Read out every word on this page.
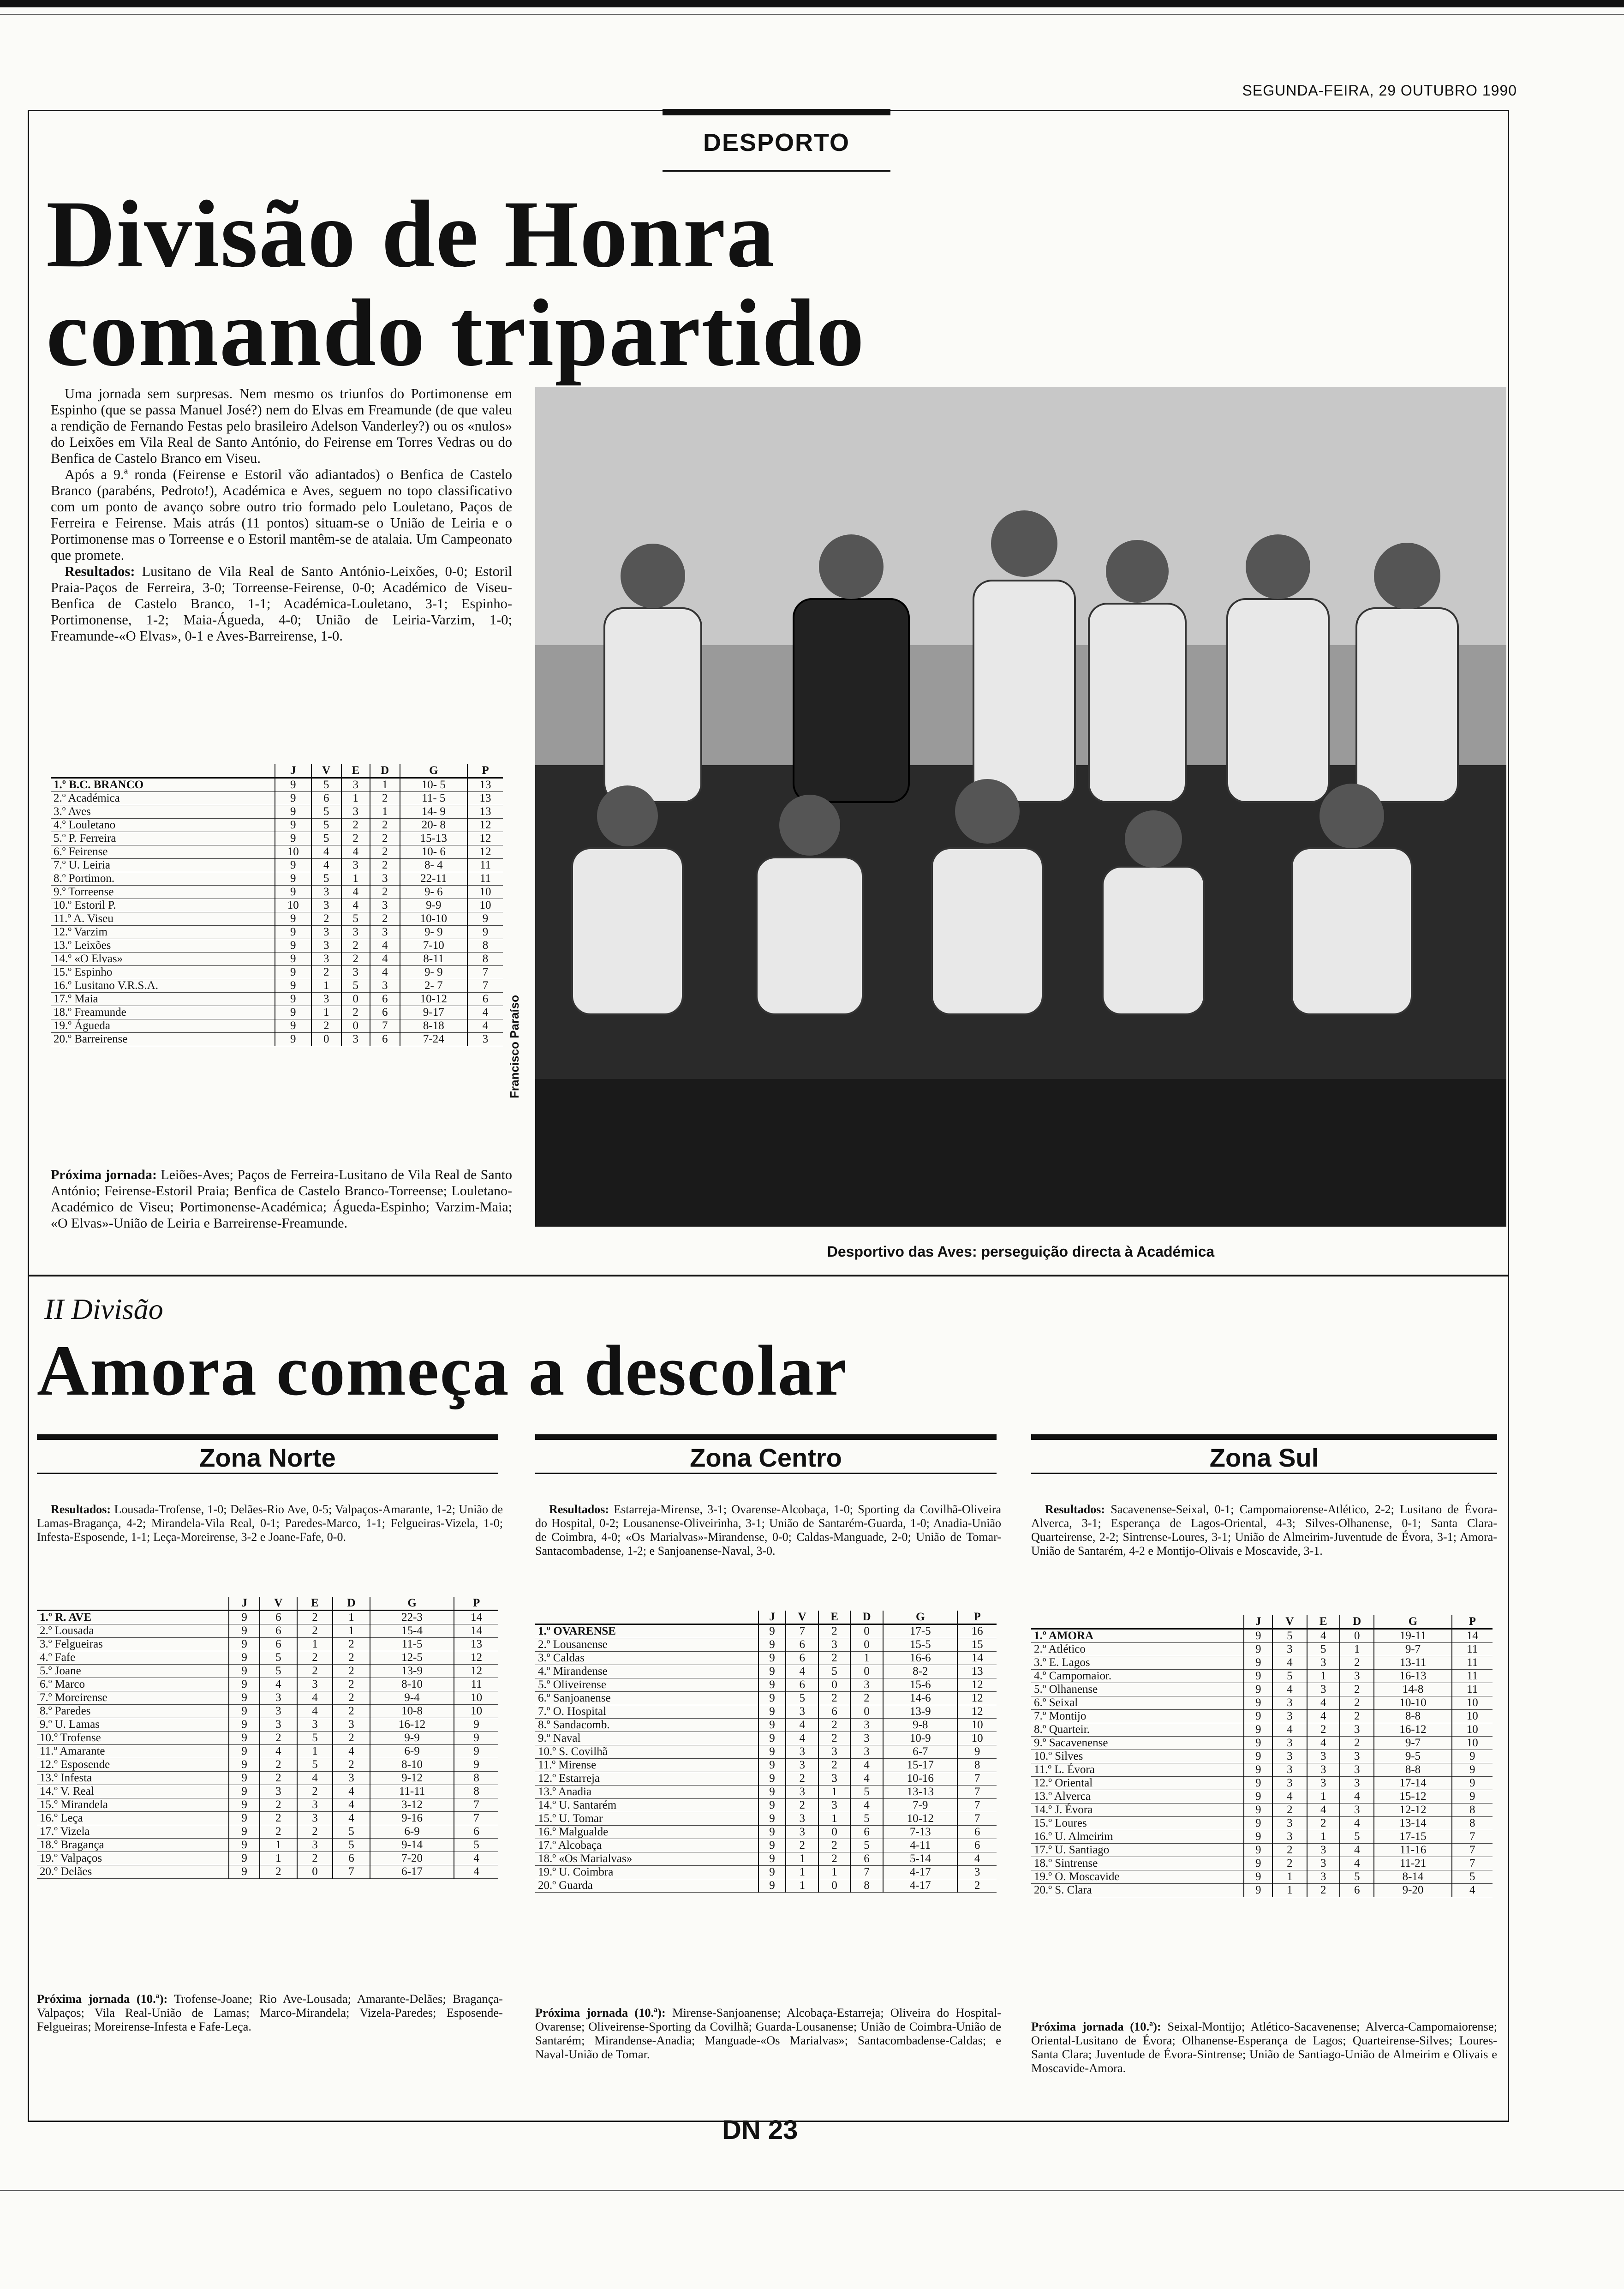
SEGUNDA-FEIRA, 29 OUTUBRO 1990
DESPORTO
Divisão de Honra
comando tripartido

Uma jornada sem surpresas. Nem mesmo os triunfos do Portimonense em Espinho (que se passa Manuel José?) nem do Elvas em Freamunde (de que valeu a rendição de Fernando Festas pelo brasileiro Adelson Vanderley?) ou os «nulos» do Leixões em Vila Real de Santo António, do Feirense em Torres Vedras ou do Benfica de Castelo Branco em Viseu.

Após a 9.ª ronda (Feirense e Estoril vão adiantados) o Benfica de Castelo Branco (parabéns, Pedroto!), Académica e Aves, seguem no topo classificativo com um ponto de avanço sobre outro trio formado pelo Louletano, Paços de Ferreira e Feirense. Mais atrás (11 pontos) situam-se o União de Leiria e o Portimonense mas o Torreense e o Estoril mantêm-se de atalaia. Um Campeonato que promete.

Resultados: Lusitano de Vila Real de Santo António-Leixões, 0-0; Estoril Praia-Paços de Ferreira, 3-0; Torreense-Feirense, 0-0; Académico de Viseu-Benfica de Castelo Branco, 1-1; Académica-Louletano, 3-1; Espinho-Portimonense, 1-2; Maia-Águeda, 4-0; União de Leiria-Varzim, 1-0; Freamunde-«O Elvas», 0-1 e Aves-Barreirense, 1-0.

	J	V	E	D	G	P
1.º B.C. BRANCO	9	5	3	1	10- 5	13
2.º Académica	9	6	1	2	11- 5	13
3.º Aves	9	5	3	1	14- 9	13
4.º Louletano	9	5	2	2	20- 8	12
5.º P. Ferreira	9	5	2	2	15-13	12
6.º Feirense	10	4	4	2	10- 6	12
7.º U. Leiria	9	4	3	2	8- 4	11
8.º Portimon.	9	5	1	3	22-11	11
9.º Torreense	9	3	4	2	9- 6	10
10.º Estoril P.	10	3	4	3	9-9	10
11.º A. Viseu	9	2	5	2	10-10	9
12.º Varzim	9	3	3	3	9- 9	9
13.º Leixões	9	3	2	4	7-10	8
14.º «O Elvas»	9	3	2	4	8-11	8
15.º Espinho	9	2	3	4	9- 9	7
16.º Lusitano V.R.S.A.	9	1	5	3	2- 7	7
17.º Maia	9	3	0	6	10-12	6
18.º Freamunde	9	1	2	6	9-17	4
19.º Águeda	9	2	0	7	8-18	4
20.º Barreirense	9	0	3	6	7-24	3
Próxima jornada: Leiões-Aves; Paços de Ferreira-Lusitano de Vila Real de Santo António; Feirense-Estoril Praia; Benfica de Castelo Branco-Torreense; Louletano-Académico de Viseu; Portimonense-Académica; Águeda-Espinho; Varzim-Maia; «O Elvas»-União de Leiria e Barreirense-Freamunde.
Francisco Paraíso
Desportivo das Aves: perseguição directa à Académica
II Divisão
Amora começa a descolar
Zona Norte

Resultados: Lousada-Trofense, 1-0; Delães-Rio Ave, 0-5; Valpaços-Amarante, 1-2; União de Lamas-Bragança, 4-2; Mirandela-Vila Real, 0-1; Paredes-Marco, 1-1; Felgueiras-Vizela, 1-0; Infesta-Esposende, 1-1; Leça-Moreirense, 3-2 e Joane-Fafe, 0-0.

	J	V	E	D	G	P
1.º R. AVE	9	6	2	1	22-3	14
2.º Lousada	9	6	2	1	15-4	14
3.º Felgueiras	9	6	1	2	11-5	13
4.º Fafe	9	5	2	2	12-5	12
5.º Joane	9	5	2	2	13-9	12
6.º Marco	9	4	3	2	8-10	11
7.º Moreirense	9	3	4	2	9-4	10
8.º Paredes	9	3	4	2	10-8	10
9.º U. Lamas	9	3	3	3	16-12	9
10.º Trofense	9	2	5	2	9-9	9
11.º Amarante	9	4	1	4	6-9	9
12.º Esposende	9	2	5	2	8-10	9
13.º Infesta	9	2	4	3	9-12	8
14.º V. Real	9	3	2	4	11-11	8
15.º Mirandela	9	2	3	4	3-12	7
16.º Leça	9	2	3	4	9-16	7
17.º Vizela	9	2	2	5	6-9	6
18.º Bragança	9	1	3	5	9-14	5
19.º Valpaços	9	1	2	6	7-20	4
20.º Delães	9	2	0	7	6-17	4
Próxima jornada (10.ª): Trofense-Joane; Rio Ave-Lousada; Amarante-Delães; Bragança-Valpaços; Vila Real-União de Lamas; Marco-Mirandela; Vizela-Paredes; Esposende-Felgueiras; Moreirense-Infesta e Fafe-Leça.
Zona Centro

Resultados: Estarreja-Mirense, 3-1; Ovarense-Alcobaça, 1-0; Sporting da Covilhã-Oliveira do Hospital, 0-2; Lousanense-Oliveirinha, 3-1; União de Santarém-Guarda, 1-0; Anadia-União de Coimbra, 4-0; «Os Marialvas»-Mirandense, 0-0; Caldas-Manguade, 2-0; União de Tomar-Santacombadense, 1-2; e Sanjoanense-Naval, 3-0.

	J	V	E	D	G	P
1.º OVARENSE	9	7	2	0	17-5	16
2.º Lousanense	9	6	3	0	15-5	15
3.º Caldas	9	6	2	1	16-6	14
4.º Mirandense	9	4	5	0	8-2	13
5.º Oliveirense	9	6	0	3	15-6	12
6.º Sanjoanense	9	5	2	2	14-6	12
7.º O. Hospital	9	3	6	0	13-9	12
8.º Sandacomb.	9	4	2	3	9-8	10
9.º Naval	9	4	2	3	10-9	10
10.º S. Covilhã	9	3	3	3	6-7	9
11.º Mirense	9	3	2	4	15-17	8
12.º Estarreja	9	2	3	4	10-16	7
13.º Anadia	9	3	1	5	13-13	7
14.º U. Santarém	9	2	3	4	7-9	7
15.º U. Tomar	9	3	1	5	10-12	7
16.º Malgualde	9	3	0	6	7-13	6
17.º Alcobaça	9	2	2	5	4-11	6
18.º «Os Marialvas»	9	1	2	6	5-14	4
19.º U. Coimbra	9	1	1	7	4-17	3
20.º Guarda	9	1	0	8	4-17	2
Próxima jornada (10.ª): Mirense-Sanjoanense; Alcobaça-Estarreja; Oliveira do Hospital-Ovarense; Oliveirense-Sporting da Covilhã; Guarda-Lousanense; União de Coimbra-União de Santarém; Mirandense-Anadia; Manguade-«Os Marialvas»; Santacombadense-Caldas; e Naval-União de Tomar.
Zona Sul

Resultados: Sacavenense-Seixal, 0-1; Campomaiorense-Atlético, 2-2; Lusitano de Évora-Alverca, 3-1; Esperança de Lagos-Oriental, 4-3; Silves-Olhanense, 0-1; Santa Clara-Quarteirense, 2-2; Sintrense-Loures, 3-1; União de Almeirim-Juventude de Évora, 3-1; Amora-União de Santarém, 4-2 e Montijo-Olivais e Moscavide, 3-1.

	J	V	E	D	G	P
1.º AMORA	9	5	4	0	19-11	14
2.º Atlético	9	3	5	1	9-7	11
3.º E. Lagos	9	4	3	2	13-11	11
4.º Campomaior.	9	5	1	3	16-13	11
5.º Olhanense	9	4	3	2	14-8	11
6.º Seixal	9	3	4	2	10-10	10
7.º Montijo	9	3	4	2	8-8	10
8.º Quarteir.	9	4	2	3	16-12	10
9.º Sacavenense	9	3	4	2	9-7	10
10.º Silves	9	3	3	3	9-5	9
11.º L. Évora	9	3	3	3	8-8	9
12.º Oriental	9	3	3	3	17-14	9
13.º Alverca	9	4	1	4	15-12	9
14.º J. Évora	9	2	4	3	12-12	8
15.º Loures	9	3	2	4	13-14	8
16.º U. Almeirim	9	3	1	5	17-15	7
17.º U. Santiago	9	2	3	4	11-16	7
18.º Sintrense	9	2	3	4	11-21	7
19.º O. Moscavide	9	1	3	5	8-14	5
20.º S. Clara	9	1	2	6	9-20	4
Próxima jornada (10.ª): Seixal-Montijo; Atlético-Sacavenense; Alverca-Campomaiorense; Oriental-Lusitano de Évora; Olhanense-Esperança de Lagos; Quarteirense-Silves; Loures-Santa Clara; Juventude de Évora-Sintrense; União de Santiago-União de Almeirim e Olivais e Moscavide-Amora.
DN 23
